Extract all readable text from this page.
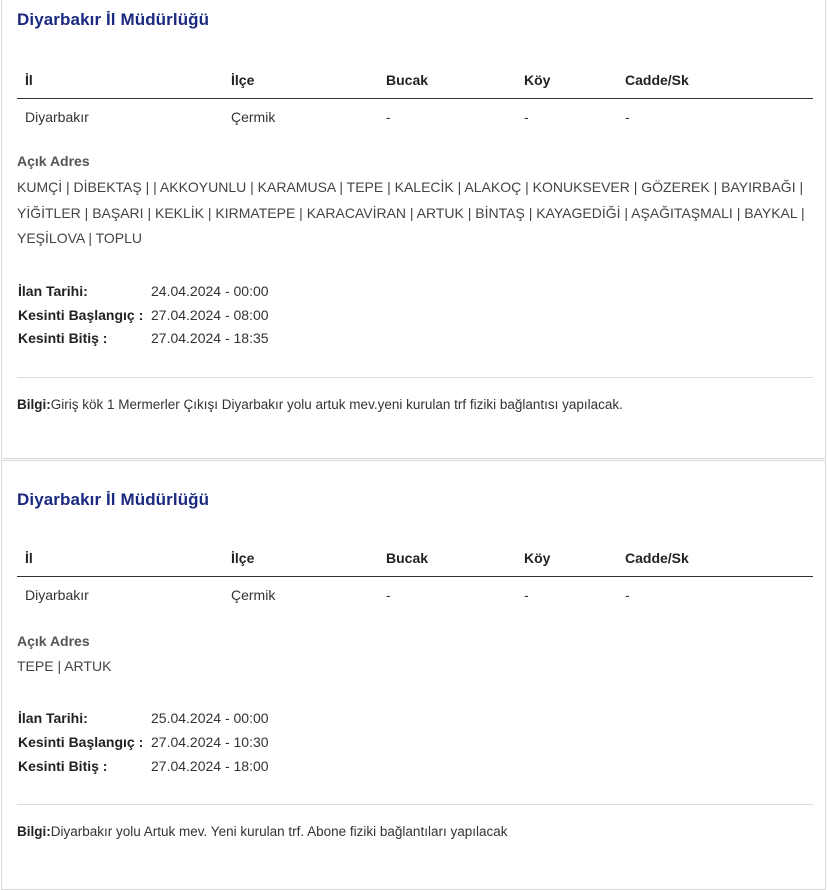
Diyarbakır İl Müdürlüğü
İl	İlçe	Bucak	Köy	Cadde/Sk
Diyarbakır	Çermik	-	-	-
Açık Adres
KUMÇİ | DİBEKTAŞ | | AKKOYUNLU | KARAMUSA | TEPE | KALECİK | ALAKOÇ | KONUKSEVER | GÖZEREK | BAYIRBAĞI |
YİĞİTLER | BAŞARI | KEKLİK | KIRMATEPE | KARACAVİRAN | ARTUK | BİNTAŞ | KAYAGEDİĞİ | AŞAĞITAŞMALI | BAYKAL |
YEŞİLOVA | TOPLU
İlan Tarihi:	24.04.2024 - 00:00
Kesinti Başlangıç : 27.04.2024 - 08:00
Kesinti Bitiş :	27.04.2024 - 18:35
Bilgi:Giriş kök 1 Mermerler Çıkışı Diyarbakır yolu artuk mev.yeni kurulan trf fiziki bağlantısı yapılacak.
Diyarbakır İl Müdürlüğü
İl	İlçe	Bucak	Köy	Cadde/Sk
Diyarbakır	Çermik	-	-	-
Açık Adres
TEPE | ARTUK
İlan Tarihi:	25.04.2024 - 00:00
Kesinti Başlangıç : 27.04.2024 - 10:30
Kesinti Bitiş :	27.04.2024 - 18:00
Bilgi:Diyarbakır yolu Artuk mev. Yeni kurulan trf. Abone fiziki bağlantıları yapılacak
